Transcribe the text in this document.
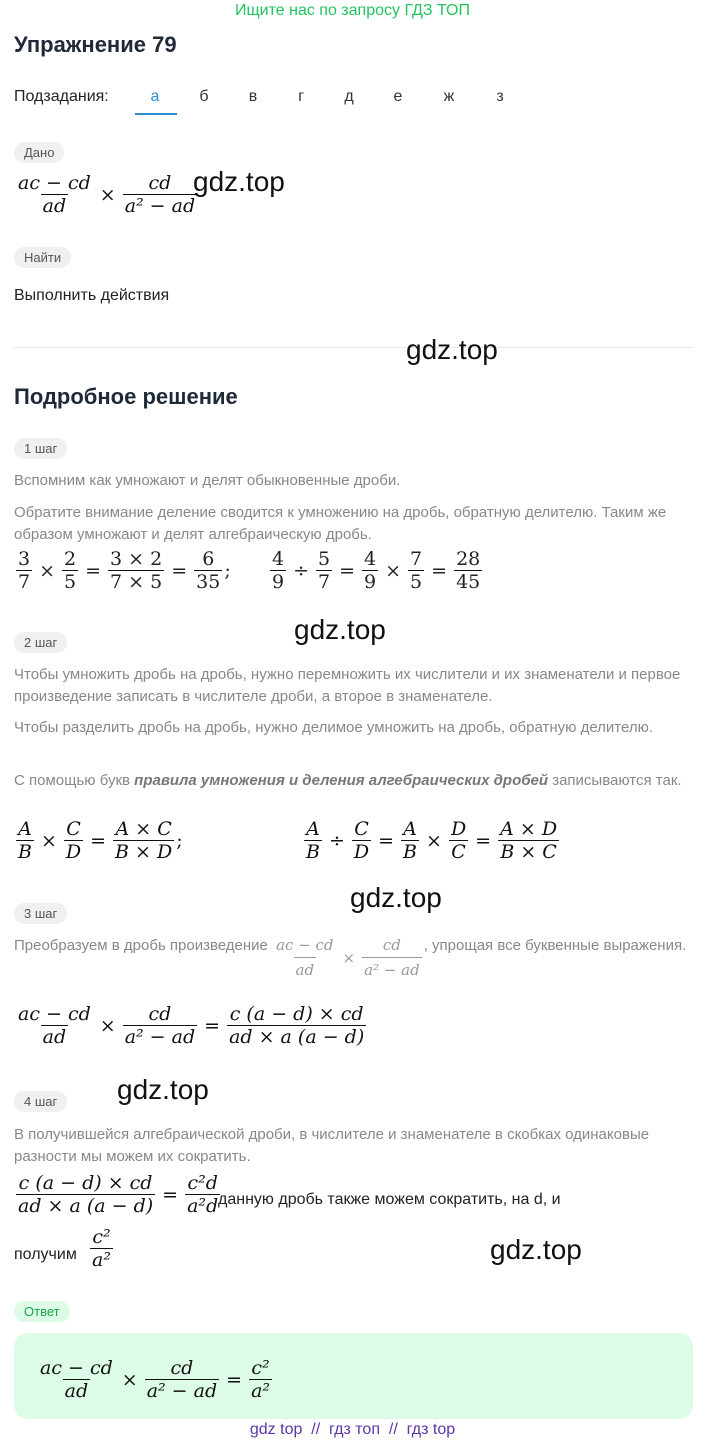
Ищите нас по запросу ГДЗ ТОП
Упражнение 79
Подзадания:	а	б	в	г	д	е	ж	з
Дано
$\frac{ac - cd}{ad} \times \frac{cd}{\text{a² − ad}}$
gdz.top
Найти
Выполнить действия
gdz.top
Подробное решение
1 шаг
Вспомним как умножают и делят обыкновенные дроби.
Обратите внимание деление сводится к умножению на дробь, обратную делителю. Таким же образом умножают и делят алгебраическую дробь.
$\frac{3}{7} \times \frac{2}{5} = \frac{3 \times 2}{7 \times 5} = \frac{6}{35}$ ; $\frac{4}{9} \div \frac{5}{7} = \frac{4}{9} \times \frac{7}{5} = \frac{28}{45}$
2 шаг	gdz.top
Чтобы умножить дробь на дробь, нужно перемножить их числители и их знаменатели и первое произведение записать в числителе дроби, а второе в знаменателе.
Чтобы разделить дробь на дробь, нужно делимое умножить на дробь, обратную делителю.
С помощью букв правила умножения и деления алгебраических дробей записываются так.
$\frac{A}{B} \times \frac{C}{D} = \frac{A \times C}{B \times D}$ ;	$\frac{A}{B} \div \frac{C}{D} = \frac{A}{B} \times \frac{D}{C} = \frac{A \times D}{B \times C}$
gdz.top
3 шаг
Преобразуем в дробь произведение $\frac{ac - cd}{ad} \times \frac{cd}{\text{a² − ad}}$ , упрощая все буквенные выражения.
$\frac{ac - cd}{ad} \times \frac{cd}{\text{a² − ad}} = \frac{c (a - d) \times cd}{ad \times a (a - d)}$
4 шаг	gdz.top
В получившейся алгебраической дроби, в числителе и знаменателе в скобках одинаковые разности мы можем их сократить.
$\frac{c (a - d) \times cd}{ad \times a (a - d)} = \frac{\text{c²d}}{\text{a²d}}$
данную дробь также можем сократить, на d, и
получим $\frac{\text{c²}}{\text{a²}}$	gdz.top
Ответ
$\frac{ac - cd}{ad} \times \frac{cd}{\text{a² − ad}} = \frac{\text{c²}}{\text{a²}}$
gdz top  //  гдз топ  //  гдз top
